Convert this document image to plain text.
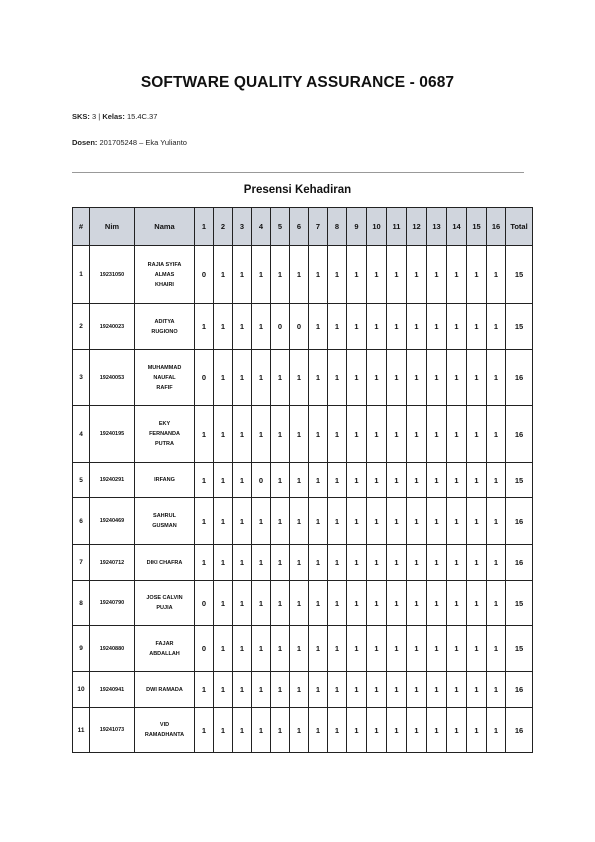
SOFTWARE QUALITY ASSURANCE - 0687
SKS: 3 | Kelas: 15.4C.37
Dosen: 201705248 – Eka Yulianto
Presensi Kehadiran
#	Nim	Nama	1	2	3	4	5	6	7	8	9	10	11	12	13	14	15	16	Total
1	19231050	RAJIA SYIFA
ALMAS
KHAIRI	0	1	1	1	1	1	1	1	1	1	1	1	1	1	1	1	15
2	19240023	ADITYA
RUGIONO	1	1	1	1	0	0	1	1	1	1	1	1	1	1	1	1	15
3	19240053	MUHAMMAD
NAUFAL
RAFIF	0	1	1	1	1	1	1	1	1	1	1	1	1	1	1	1	16
4	19240195	EKY
FERNANDA
PUTRA	1	1	1	1	1	1	1	1	1	1	1	1	1	1	1	1	16
5	19240291	IRFANG	1	1	1	0	1	1	1	1	1	1	1	1	1	1	1	1	15
6	19240469	SAHRUL
GUSMAN	1	1	1	1	1	1	1	1	1	1	1	1	1	1	1	1	16
7	19240712	DIKI CHAFRA	1	1	1	1	1	1	1	1	1	1	1	1	1	1	1	1	16
8	19240790	JOSE CALVIN
PUJIA	0	1	1	1	1	1	1	1	1	1	1	1	1	1	1	1	15
9	19240880	FAJAR
ABDALLAH	0	1	1	1	1	1	1	1	1	1	1	1	1	1	1	1	15
10	19240941	DWI RAMADA	1	1	1	1	1	1	1	1	1	1	1	1	1	1	1	1	16
11	19241073	VID
RAMADHANTA	1	1	1	1	1	1	1	1	1	1	1	1	1	1	1	1	16
